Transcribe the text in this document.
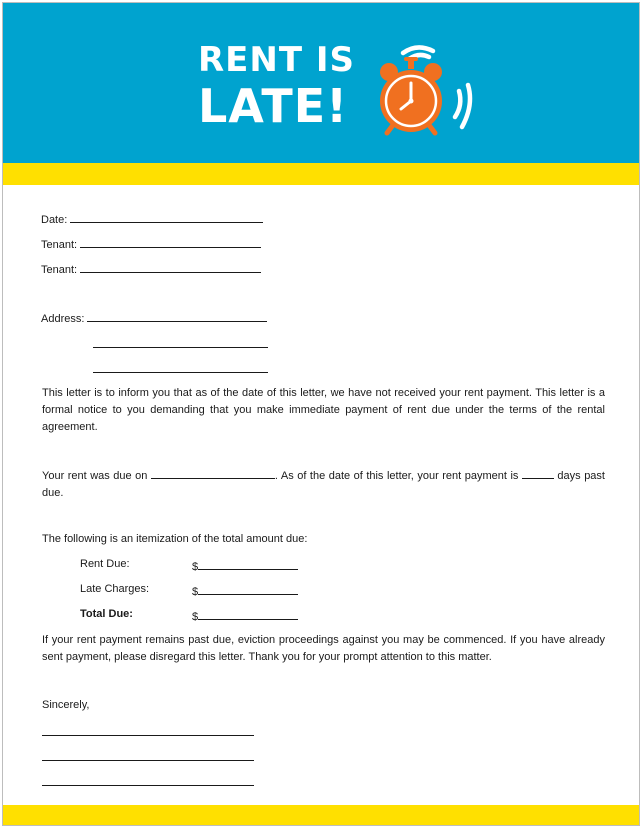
RENT IS
LATE!
Date:
Tenant:
Tenant:
Address:
This letter is to inform you that as of the date of this letter, we have not received your rent payment. This letter is a formal notice to you demanding that you make immediate payment of rent due under the terms of the rental agreement.
Your rent was due on	. As of the date of this letter, your rent payment is	days past due.
The following is an itemization of the total amount due:
Rent Due:	$
Late Charges:	$
Total Due:	$
If your rent payment remains past due, eviction proceedings against you may be commenced. If you have already sent payment, please disregard this letter. Thank you for your prompt attention to this matter.
Sincerely,
